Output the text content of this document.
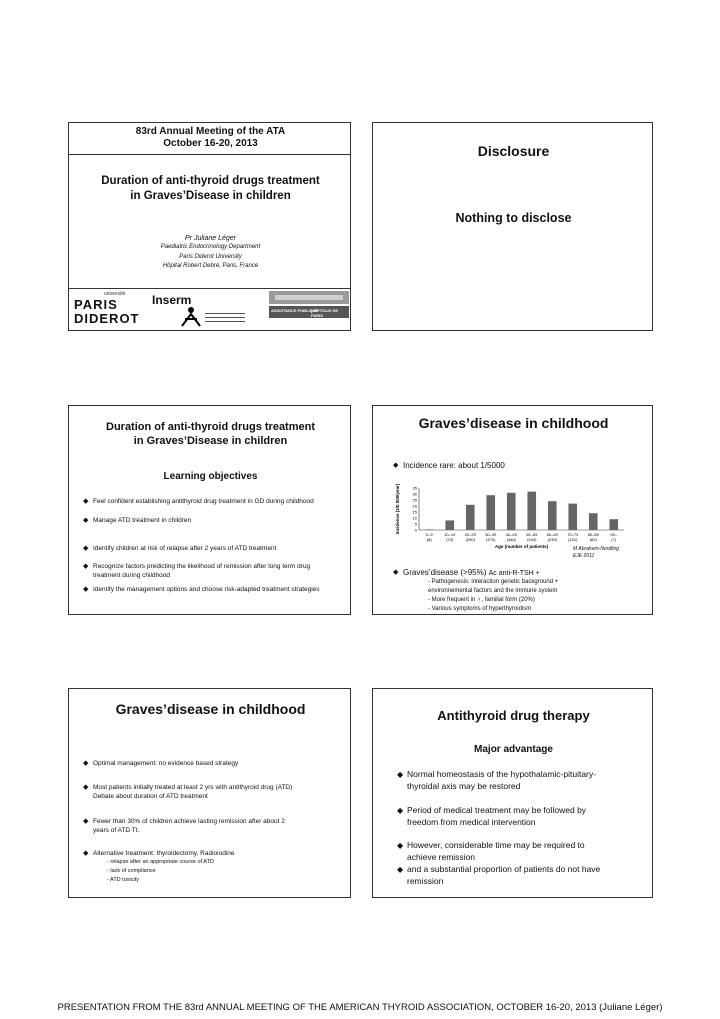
83rd Annual Meeting of the ATA
October 16-20, 2013
Duration of anti-thyroid drugs treatment
in Graves’Disease in children
Pr Juliane Léger
Paediatric Endocrinology Department
Paris Diderot University
Hôpital Robert Debré, Paris, France
université
PARIS
DIDEROT
Inserm
ASSISTANCE PUBLIQUE
HÔPITAUX DE PARIS
Disclosure
Nothing to disclose
Duration of anti-thyroid drugs treatment
in Graves’Disease in children
Learning objectives
◆ Feel confident establishing antithyroid drug treatment in GD during childhood
◆ Manage ATD treatment in children
◆ Identify children at risk of relapse after 2 years of ATD treatment
◆ Recognize factors predicting the likelihood of remission after long term drug treatment during childhood
◆ Identify the management options and choose risk-adapted treatment strategies
Graves’disease in childhood
◆ Incidence rare: about 1/5000
0
5
10
15
20
25
30
35
Incidence (1/0 000/year)
0–9
(8)
10–19
(74)
20–29
(290)
30–39
(470)
40–49
(446)
50–59
(444)
60–69
(239)
70–79
(151)
80–89
(62)
90–
(7)
Age (number of patients)	M Abraham-Nordling
EJE 2011
◆ Graves’disease (>95%) Ac anti-R-TSH +
- Pathogenesis: interaction genetic background +
environnemental factors and the immune system
- More frequent in ♀, familial form (20%)
- Various symptoms of hyperthyroidism
Graves’disease in childhood
◆ Optimal management: no evidence based strategy
◆ Most patients initially treated at least 2 yrs with antithyroid drug (ATD)
Debate about duration of ATD treatment
◆ Fewer than 30% of children achieve lasting remission after about 2
years of ATD Tt.
◆ Alternative treatment: thyroidectomy, Radioiodine
- relapse after an appropriate course of ATD
- lack of compliance
- ATD toxicity
Antithyroid drug therapy
Major advantage
◆ Normal homeostasis of the hypothalamic-pituitary-
thyroidal axis may be restored
◆ Period of medical treatment may be followed by
freedom from medical intervention
◆ However, considerable time may be required to
achieve remission
◆ and a substantial proportion of patients do not have
remission
PRESENTATION FROM THE 83rd ANNUAL MEETING OF THE AMERICAN THYROID ASSOCIATION, OCTOBER 16-20, 2013 (Juliane Léger)
